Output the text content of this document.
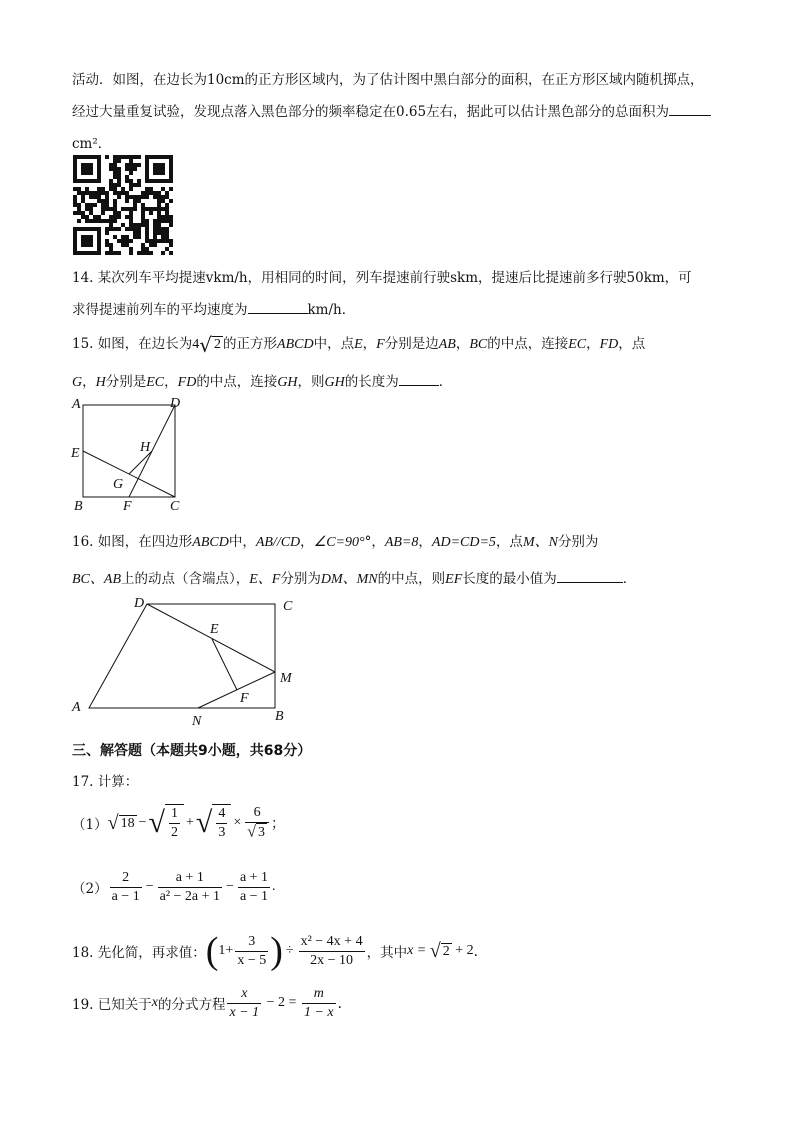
活动．如图，在边长为10cm的正方形区域内，为了估计图中黑白部分的面积，在正方形区域内随机掷点，
经过大量重复试验，发现点落入黑色部分的频率稳定在0.65左右，据此可以估计黑色部分的总面积为
cm²．
14. 某次列车平均提速vkm/h，用相同的时间，列车提速前行驶skm，提速后比提速前多行驶50km，可
求得提速前列车的平均速度为	km/h．
15. 如图，在边长为4√ 2 的正方形ABCD中，点E，F分别是边AB，BC的中点，连接EC，FD，点
G，H分别是EC，FD的中点，连接GH，则GH的长度为	．
A	D
E
B	F	C
G
H
16. 如图，在四边形ABCD中，AB//CD，∠C=90°°，AB=8，AD=CD=5，点M、N分别为
BC、AB上的动点（含端点），E、F分别为DM、MN的中点，则EF长度的最小值为	．
D	C
E
M
F
A
N	B
三、解答题（本题共9小题，共68分）
17. 计算：
（1） √ 18 − √ $\frac{1}{2}$ + √ $\frac{4}{3} \times \frac{6}{√ 3}$ ；
$(2) \frac{2}{a - 1} - \frac{a + 1}{\text{a² − 2a + 1}} - \frac{a + 1}{a - 1}$ .
18. 先化简，再求值： ( $1+ \frac{3}{x - 5}$ ) ÷ $\frac{\text{x² − 4x + 4}}{2x - 10}$ ，其中 x = √ 2 + 2 ．
19. 已知关于 x 的分式方程 $\frac{x}{x - 1} - 2 = \frac{m}{1 - x}$ ．
